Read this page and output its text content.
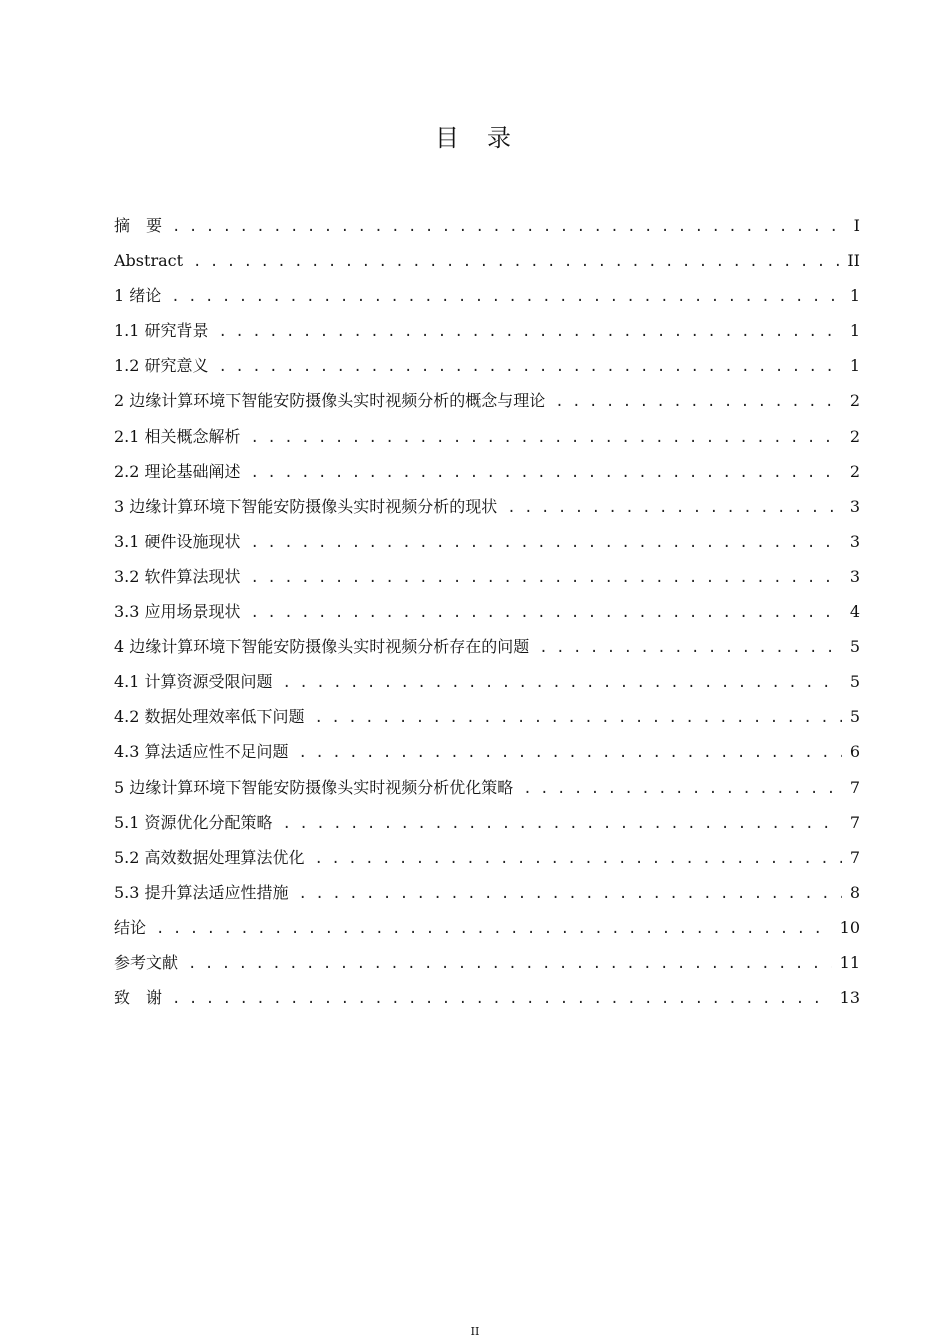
目 录
摘　要 . . .	I
Abstract . . .	II
1 绪论 . . .	1
1.1 研究背景 . . .	1
1.2 研究意义 . . .	1
2 边缘计算环境下智能安防摄像头实时视频分析的概念与理论 . . .	2
2.1 相关概念解析 . . .	2
2.2 理论基础阐述 . . .	2
3 边缘计算环境下智能安防摄像头实时视频分析的现状 . . .	3
3.1 硬件设施现状 . . .	3
3.2 软件算法现状 . . .	3
3.3 应用场景现状 . . .	4
4 边缘计算环境下智能安防摄像头实时视频分析存在的问题 . . .	5
4.1 计算资源受限问题 . . .	5
4.2 数据处理效率低下问题 . . .	5
4.3 算法适应性不足问题 . . .	6
5 边缘计算环境下智能安防摄像头实时视频分析优化策略 . . .	7
5.1 资源优化分配策略 . . .	7
5.2 高效数据处理算法优化 . . .	7
5.3 提升算法适应性措施 . . .	8
结论 . . .	10
参考文献 . . .	11
致　谢 . . .	13
II
